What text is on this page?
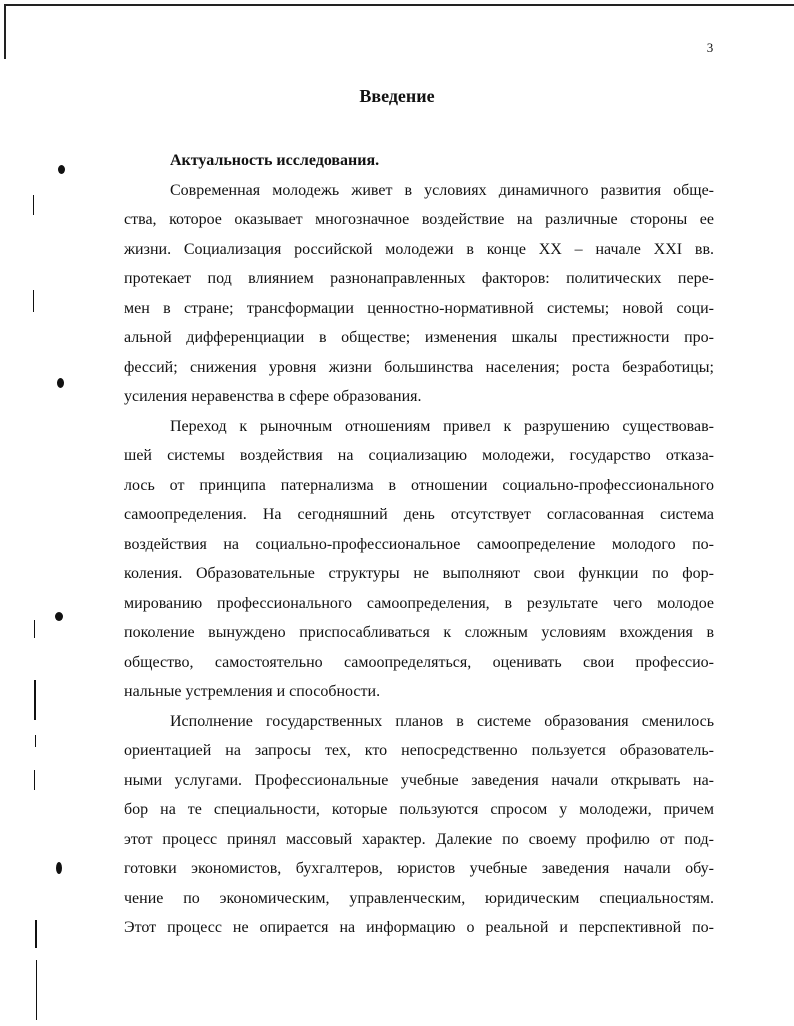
3
Введение

Актуальность исследования.

Современная молодежь живет в условиях динамичного развития обще-

ства, которое оказывает многозначное воздействие на различные стороны ее

жизни. Социализация российской молодежи в конце XX – начале XXI вв.

протекает под влиянием разнонаправленных факторов: политических пере-

мен в стране; трансформации ценностно-нормативной системы; новой соци-

альной дифференциации в обществе; изменения шкалы престижности про-

фессий; снижения уровня жизни большинства населения; роста безработицы;

усиления неравенства в сфере образования.

Переход к рыночным отношениям привел к разрушению существовав-

шей системы воздействия на социализацию молодежи, государство отказа-

лось от принципа патернализма в отношении социально-профессионального

самоопределения. На сегодняшний день отсутствует согласованная система

воздействия на социально-профессиональное самоопределение молодого по-

коления. Образовательные структуры не выполняют свои функции по фор-

мированию профессионального самоопределения, в результате чего молодое

поколение вынуждено приспосабливаться к сложным условиям вхождения в

общество, самостоятельно самоопределяться, оценивать свои профессио-

нальные устремления и способности.

Исполнение государственных планов в системе образования сменилось

ориентацией на запросы тех, кто непосредственно пользуется образователь-

ными услугами. Профессиональные учебные заведения начали открывать на-

бор на те специальности, которые пользуются спросом у молодежи, причем

этот процесс принял массовый характер. Далекие по своему профилю от под-

готовки экономистов, бухгалтеров, юристов учебные заведения начали обу-

чение по экономическим, управленческим, юридическим специальностям.

Этот процесс не опирается на информацию о реальной и перспективной по-
